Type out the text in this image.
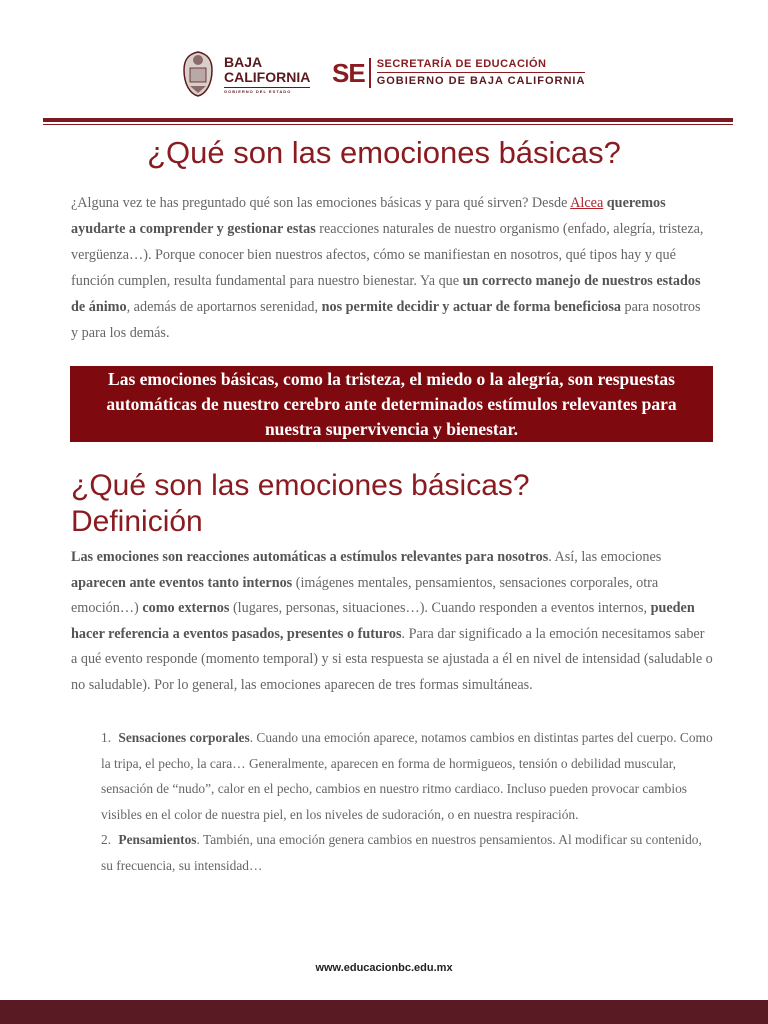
BAJA
CALIFORNIA
GOBIERNO DEL ESTADO
SE SECRETARÍA DE EDUCACIÓN
GOBIERNO DE BAJA CALIFORNIA
¿Qué son las emociones básicas?

¿Alguna vez te has preguntado qué son las emociones básicas y para qué sirven? Desde Alcea queremos ayudarte a comprender y gestionar estas reacciones naturales de nuestro organismo (enfado, alegría, tristeza, vergüenza…). Porque conocer bien nuestros afectos, cómo se manifiestan en nosotros, qué tipos hay y qué función cumplen, resulta fundamental para nuestro bienestar. Ya que un correcto manejo de nuestros estados de ánimo, además de aportarnos serenidad, nos permite decidir y actuar de forma beneficiosa para nosotros y para los demás.

Las emociones básicas, como la tristeza, el miedo o la alegría, son respuestas automáticas de nuestro cerebro ante determinados estímulos relevantes para nuestra supervivencia y bienestar.
¿Qué son las emociones básicas?
Definición

Las emociones son reacciones automáticas a estímulos relevantes para nosotros. Así, las emociones aparecen ante eventos tanto internos (imágenes mentales, pensamientos, sensaciones corporales, otra emoción…) como externos (lugares, personas, situaciones…). Cuando responden a eventos internos, pueden hacer referencia a eventos pasados, presentes o futuros. Para dar significado a la emoción necesitamos saber a qué evento responde (momento temporal) y si esta respuesta se ajustada a él en nivel de intensidad (saludable o no saludable). Por lo general, las emociones aparecen de tres formas simultáneas.

1. Sensaciones corporales. Cuando una emoción aparece, notamos cambios en distintas partes del cuerpo. Como la tripa, el pecho, la cara… Generalmente, aparecen en forma de hormigueos, tensión o debilidad muscular, sensación de “nudo”, calor en el pecho, cambios en nuestro ritmo cardiaco. Incluso pueden provocar cambios visibles en el color de nuestra piel, en los niveles de sudoración, o en nuestra respiración.
2. Pensamientos. También, una emoción genera cambios en nuestros pensamientos. Al modificar su contenido, su frecuencia, su intensidad…
www.educacionbc.edu.mx
